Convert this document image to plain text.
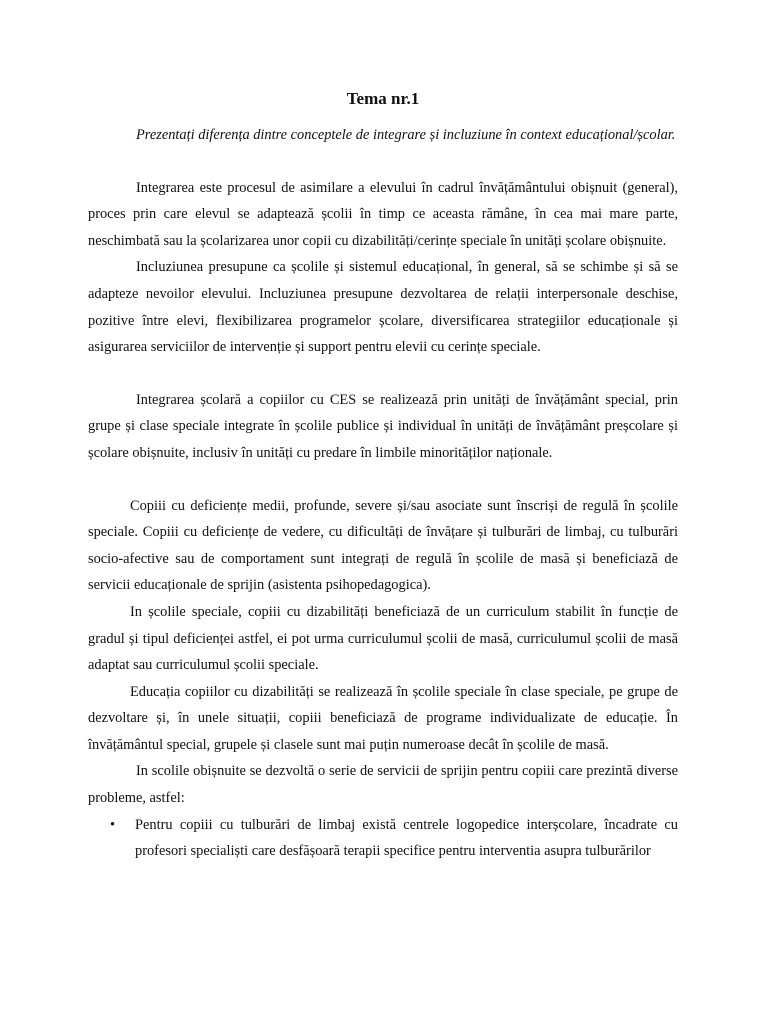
Tema nr.1

Prezentați diferența dintre conceptele de integrare și incluziune în context educațional/școlar.

Integrarea este procesul de asimilare a elevului în cadrul învățământului obișnuit (general), proces prin care elevul se adaptează școlii în timp ce aceasta rămâne, în cea mai mare parte, neschimbată sau la școlarizarea unor copii cu dizabilități/cerințe speciale în unități școlare obișnuite.

Incluziunea presupune ca școlile și sistemul educațional, în general, să se schimbe și să se adapteze nevoilor elevului. Incluziunea presupune dezvoltarea de relații interpersonale deschise, pozitive între elevi, flexibilizarea programelor școlare, diversificarea strategiilor educaționale și asigurarea serviciilor de intervenție și support pentru elevii cu cerințe speciale.

Integrarea școlară a copiilor cu CES se realizează prin unități de învățământ special, prin grupe și clase speciale integrate în școlile publice și individual în unități de învățământ preșcolare și școlare obișnuite, inclusiv în unități cu predare în limbile minorităților naționale.

Copiii cu deficiențe medii, profunde, severe și/sau asociate sunt înscriși de regulă în școlile speciale. Copiii cu deficiențe de vedere, cu dificultăți de învățare și tulburări de limbaj, cu tulburări socio-afective sau de comportament sunt integrați de regulă în școlile de masă și beneficiază de servicii educaționale de sprijin (asistenta psihopedagogica).

In școlile speciale, copiii cu dizabilități beneficiază de un curriculum stabilit în funcție de gradul și tipul deficienței astfel, ei pot urma curriculumul școlii de masă, curriculumul școlii de masă adaptat sau curriculumul școlii speciale.

Educația copiilor cu dizabilități se realizează în școlile speciale în clase speciale, pe grupe de dezvoltare și, în unele situații, copiii beneficiază de programe individualizate de educație. În învățământul special, grupele și clasele sunt mai puțin numeroase decât în școlile de masă.

In scolile obișnuite se dezvoltă o serie de servicii de sprijin pentru copiii care prezintă diverse probleme, astfel:

• Pentru copiii cu tulburări de limbaj există centrele logopedice interșcolare, încadrate cu profesori specialiști care desfășoară terapii specifice pentru interventia asupra tulburărilor
